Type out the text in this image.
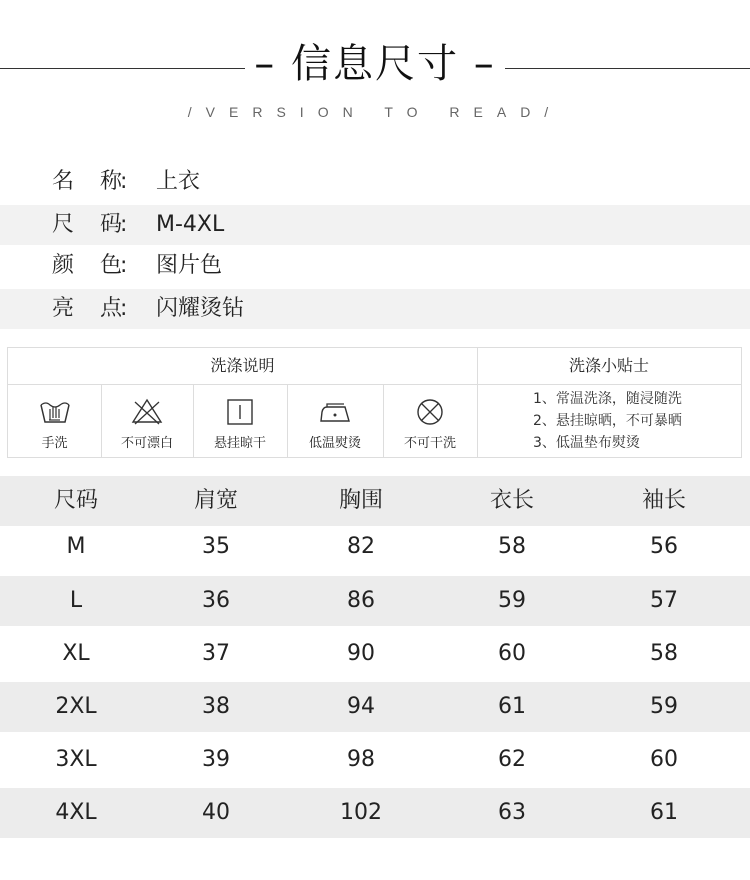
– 信息尺寸 –
/VERSION TO READ/
名 称
: 上衣
尺 码
: M-4XL
颜 色
: 图片色
亮 点
: 闪耀烫钻
洗涤说明	洗涤小贴士
手洗	不可漂白	悬挂晾干	低温熨烫	不可干洗
1、常温洗涤，随浸随洗
2、悬挂晾晒，不可暴晒
3、低温垫布熨烫
尺码	肩宽	胸围	衣长	袖长
M	35	82	58	56
L	36	86	59	57
XL	37	90	60	58
2XL	38	94	61	59
3XL	39	98	62	60
4XL	40	102	63	61
